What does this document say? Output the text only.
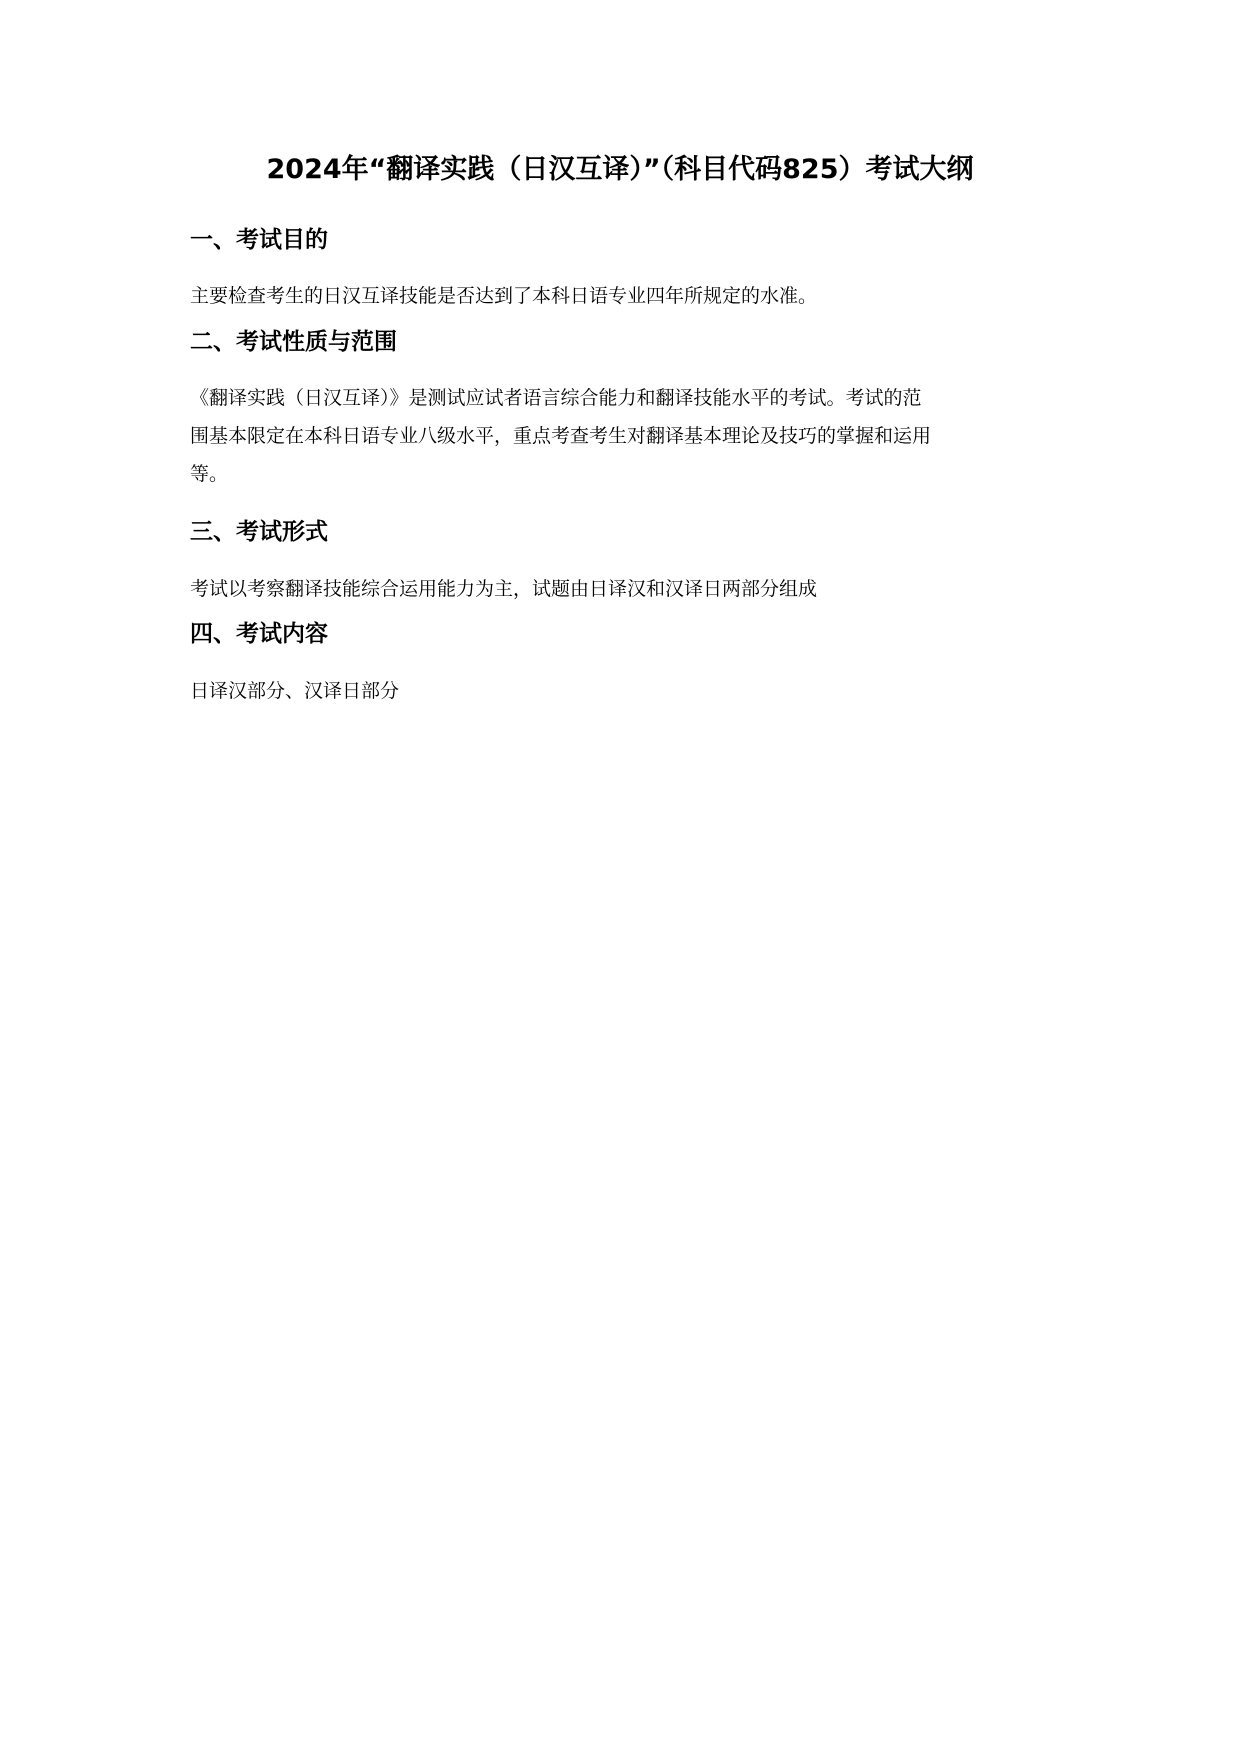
2024年“翻译实践（日汉互译）”（科目代码825）考试大纲
一、考试目的
主要检查考生的日汉互译技能是否达到了本科日语专业四年所规定的水准。
二、考试性质与范围
《翻译实践（日汉互译）》是测试应试者语言综合能力和翻译技能水平的考试。考试的范
围基本限定在本科日语专业八级水平，重点考查考生对翻译基本理论及技巧的掌握和运用
等。
三、考试形式
考试以考察翻译技能综合运用能力为主，试题由日译汉和汉译日两部分组成
四、考试内容
日译汉部分、汉译日部分
